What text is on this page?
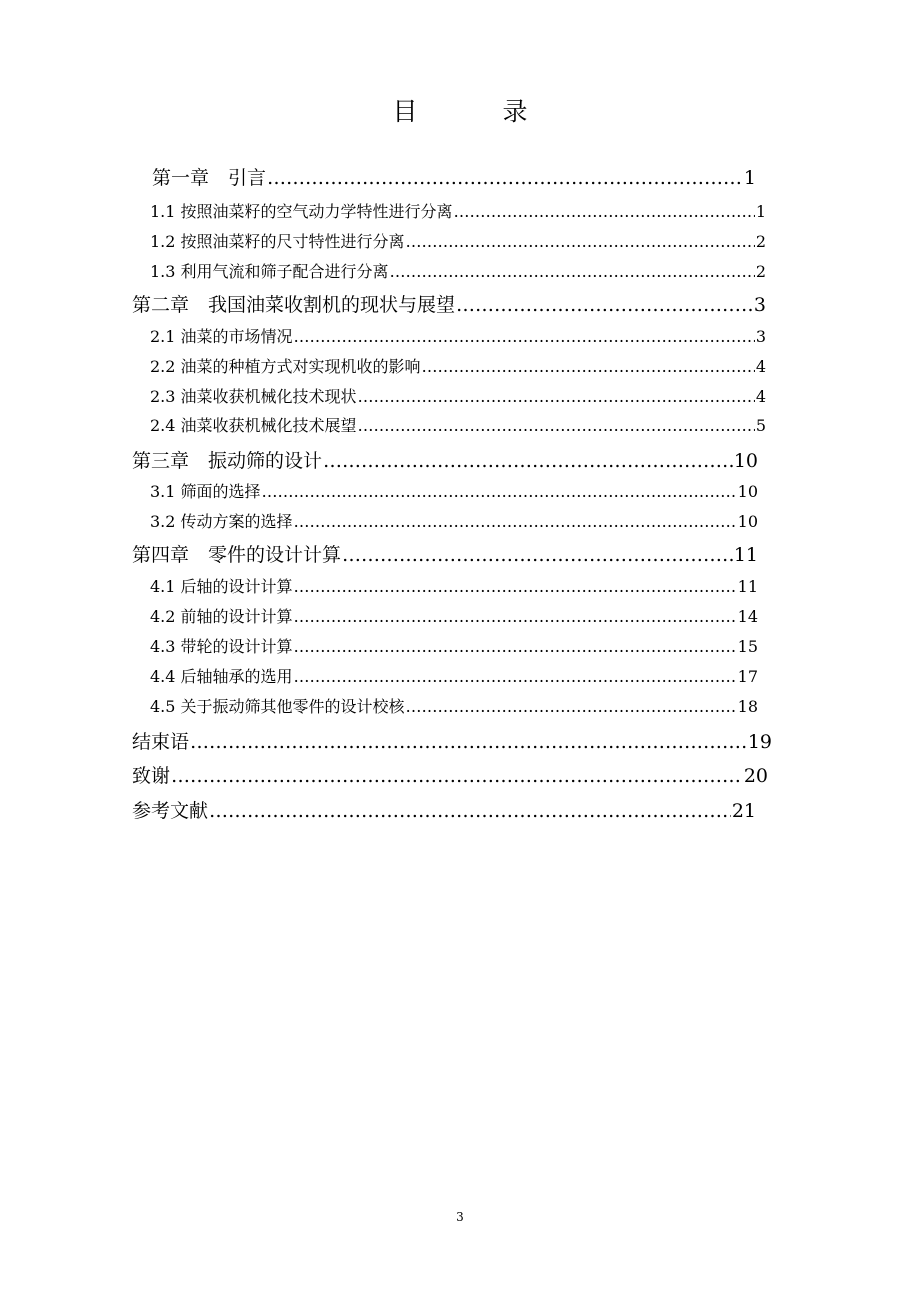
目　录
第一章　引言 ………………………………………………………………………………………………………………………………………………………………………………………………	1
1.1 按照油菜籽的空气动力学特性进行分离 ………………………………………………………………………………………………………………………………………………………………………………………………	1
1.2 按照油菜籽的尺寸特性进行分离 ………………………………………………………………………………………………………………………………………………………………………………………………	2
1.3 利用气流和筛子配合进行分离 ………………………………………………………………………………………………………………………………………………………………………………………………	2
第二章　我国油菜收割机的现状与展望 ………………………………………………………………………………………………………………………………………………………………………………………………	3
2.1 油菜的市场情况 ………………………………………………………………………………………………………………………………………………………………………………………………	3
2.2 油菜的种植方式对实现机收的影响 ………………………………………………………………………………………………………………………………………………………………………………………………	4
2.3 油菜收获机械化技术现状 ………………………………………………………………………………………………………………………………………………………………………………………………	4
2.4 油菜收获机械化技术展望 ………………………………………………………………………………………………………………………………………………………………………………………………	5
第三章　振动筛的设计 ………………………………………………………………………………………………………………………………………………………………………………………………	10
3.1 筛面的选择 ………………………………………………………………………………………………………………………………………………………………………………………………	10
3.2 传动方案的选择 ………………………………………………………………………………………………………………………………………………………………………………………………	10
第四章　零件的设计计算 ………………………………………………………………………………………………………………………………………………………………………………………………	11
4.1 后轴的设计计算 ………………………………………………………………………………………………………………………………………………………………………………………………	11
4.2 前轴的设计计算 ………………………………………………………………………………………………………………………………………………………………………………………………	14
4.3 带轮的设计计算 ………………………………………………………………………………………………………………………………………………………………………………………………	15
4.4 后轴轴承的选用 ………………………………………………………………………………………………………………………………………………………………………………………………	17
4.5 关于振动筛其他零件的设计校核 ………………………………………………………………………………………………………………………………………………………………………………………………	18
结束语 ………………………………………………………………………………………………………………………………………………………………………………………………	19
致谢 ………………………………………………………………………………………………………………………………………………………………………………………………	20
参考文献 ………………………………………………………………………………………………………………………………………………………………………………………………	21
3
